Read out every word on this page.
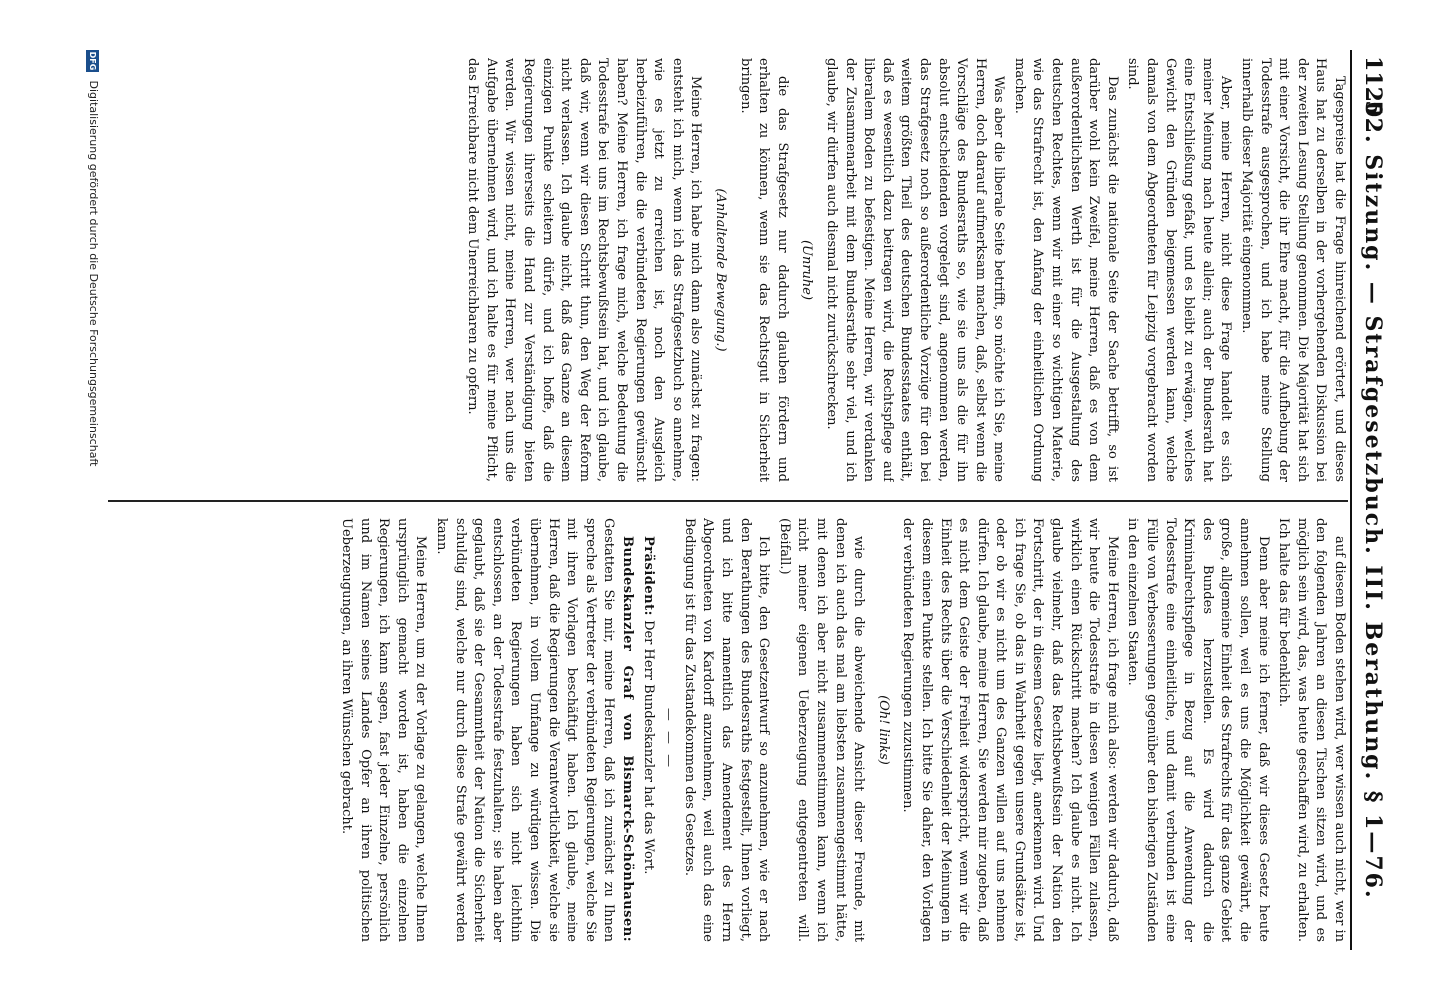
1120
52. Sitzung. — Strafgesetzbuch. III. Berathung. § 1—76.

Tagespreise hat die Frage hinreichend erörtert, und dieses Haus hat zu derselben in der vorhergehenden Diskussion bei der zweiten Lesung Stellung genommen. Die Majorität hat sich mit einer Vorsicht, die ihr Ehre macht, für die Aufhebung der Todesstrafe ausgesprochen, und ich habe meine Stellung innerhalb dieser Majorität eingenommen.

Aber, meine Herren, nicht diese Frage handelt es sich meiner Meinung nach heute allein; auch der Bundesrath hat eine Entschließung gefaßt, und es bleibt zu erwägen, welches Gewicht den Gründen beigemessen werden kann, welche damals von dem Abgeordneten für Leipzig vorgebracht worden sind.

Das zunächst die nationale Seite der Sache betrifft, so ist darüber wohl kein Zweifel, meine Herren, daß es von dem außerordentlichsten Werth ist für die Ausgestaltung des deutschen Rechtes, wenn wir mit einer so wichtigen Materie, wie das Strafrecht ist, den Anfang der einheitlichen Ordnung machen.

Was aber die liberale Seite betrifft, so möchte ich Sie, meine Herren, doch darauf aufmerksam machen, daß, selbst wenn die Vorschläge des Bundesraths so, wie sie uns als die für ihn absolut entscheidenden vorgelegt sind, angenommen werden, das Strafgesetz noch so außerordentliche Vorzüge für den bei weitem größten Theil des deutschen Bundesstaates enthält, daß es wesentlich dazu beitragen wird, die Rechtspflege auf liberalem Boden zu befestigen. Meine Herren, wir verdanken der Zusammenarbeit mit dem Bundesrathe sehr viel, und ich glaube, wir dürfen auch diesmal nicht zurückschrecken.

(Unruhe)

die das Strafgesetz nur dadurch glauben fördern und erhalten zu können, wenn sie das Rechtsgut in Sicherheit bringen.

(Anhaltende Bewegung.)

Meine Herren, ich habe mich dann also zunächst zu fragen: entsteht ich mich, wenn ich das Strafgesetzbuch so annehme, wie es jetzt zu erreichen ist, noch den Ausgleich herbeizuführen, die die verbündeten Regierungen gewünscht haben? Meine Herren, ich frage mich, welche Bedeutung die Todesstrafe bei uns im Rechtsbewußtsein hat, und ich glaube, daß wir, wenn wir diesen Schritt thun, den Weg der Reform nicht verlassen. Ich glaube nicht, daß das Ganze an diesem einzigen Punkte scheitern dürfe, und ich hoffe, daß die Regierungen ihrerseits die Hand zur Verständigung bieten werden. Wir wissen nicht, meine Herren, wer nach uns die Aufgabe übernehmen wird, und ich halte es für meine Pflicht, das Erreichbare nicht dem Unerreichbaren zu opfern.

auf diesem Boden stehen wird, wer wissen auch nicht, wer in den folgenden Jahren an diesen Tischen sitzen wird, und es möglich sein wird, das, was heute geschaffen wird, zu erhalten. Ich halte das für bedenklich.

Denn aber meine ich ferner, daß wir dieses Gesetz heute annehmen sollen, weil es uns die Möglichkeit gewährt, die große, allgemeine Einheit des Strafrechts für das ganze Gebiet des Bundes herzustellen. Es wird dadurch die Kriminalrechtspflege in Bezug auf die Anwendung der Todesstrafe eine einheitliche, und damit verbunden ist eine Fülle von Verbesserungen gegenüber den bisherigen Zuständen in den einzelnen Staaten.

Meine Herren, ich frage mich also: werden wir dadurch, daß wir heute die Todesstrafe in diesen wenigen Fällen zulassen, wirklich einen Rückschritt machen? Ich glaube es nicht. Ich glaube vielmehr, daß das Rechtsbewußtsein der Nation den Fortschritt, der in diesem Gesetze liegt, anerkennen wird. Und ich frage Sie, ob das in Wahrheit gegen unsere Grundsätze ist, oder ob wir es nicht um des Ganzen willen auf uns nehmen dürfen. Ich glaube, meine Herren, Sie werden mir zugeben, daß es nicht dem Geiste der Freiheit widerspricht, wenn wir die Einheit des Rechts über die Verschiedenheit der Meinungen in diesem einen Punkte stellen. Ich bitte Sie daher, den Vorlagen der verbündeten Regierungen zuzustimmen.

(Oh! links)

wie durch die abweichende Ansicht dieser Freunde, mit denen ich auch das mal am liebsten zusammengestimmt hätte, mit denen ich aber nicht zusammenstimmen kann, wenn ich nicht meiner eigenen Ueberzeugung entgegentreten will. (Beifall.)

Ich bitte, den Gesetzentwurf so anzunehmen, wie er nach den Berathungen des Bundesraths festgestellt, Ihnen vorliegt, und ich bitte namentlich das Amendement des Herrn Abgeordneten von Kardorff anzunehmen, weil auch das eine Bedingung ist für das Zustandekommen des Gesetzes.

— — —

Präsident: Der Herr Bundeskanzler hat das Wort.

Bundeskanzler Graf von Bismarck-Schönhausen: Gestatten Sie mir, meine Herren, daß ich zunächst zu Ihnen spreche als Vertreter der verbündeten Regierungen, welche Sie mit ihren Vorlagen beschäftigt haben. Ich glaube, meine Herren, daß die Regierungen die Verantwortlichkeit, welche sie übernehmen, in vollem Umfange zu würdigen wissen. Die verbündeten Regierungen haben sich nicht leichthin entschlossen, an der Todesstrafe festzuhalten; sie haben aber geglaubt, daß sie der Gesammtheit der Nation die Sicherheit schuldig sind, welche nur durch diese Strafe gewährt werden kann.

Meine Herren, um zu der Vorlage zu gelangen, welche Ihnen ursprünglich gemacht worden ist, haben die einzelnen Regierungen, ich kann sagen, fast jeder Einzelne, persönlich und im Namen seines Landes Opfer an ihren politischen Ueberzeugungen, an ihren Wünschen gebracht.

DFG Digitalisierung gefördert durch die Deutsche Forschungsgemeinschaft
